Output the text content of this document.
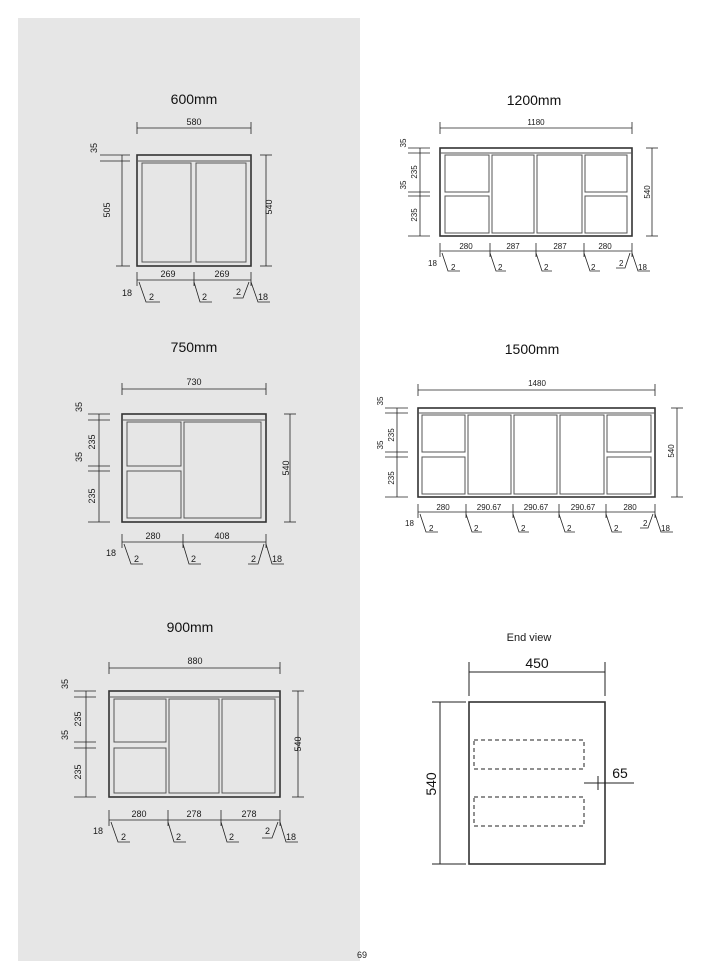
600mm
580
35
505	540
269	269
18 2	2	2 18
750mm
730
35
235
35
235
540
280	408
18
2	2	2 18
900mm
880
35
235
35
235
540
280	278	278
18
2	2	2
2
18
1200mm
1180
35
235
35
235
540
280	287	287	280
18 2	2	2	2	2 18
1500mm
1480
35
235
35
235
540
280	290.67	290.67	290.67	280
18
2	2	2	2	2
2
18
End view
450
540	65
69
